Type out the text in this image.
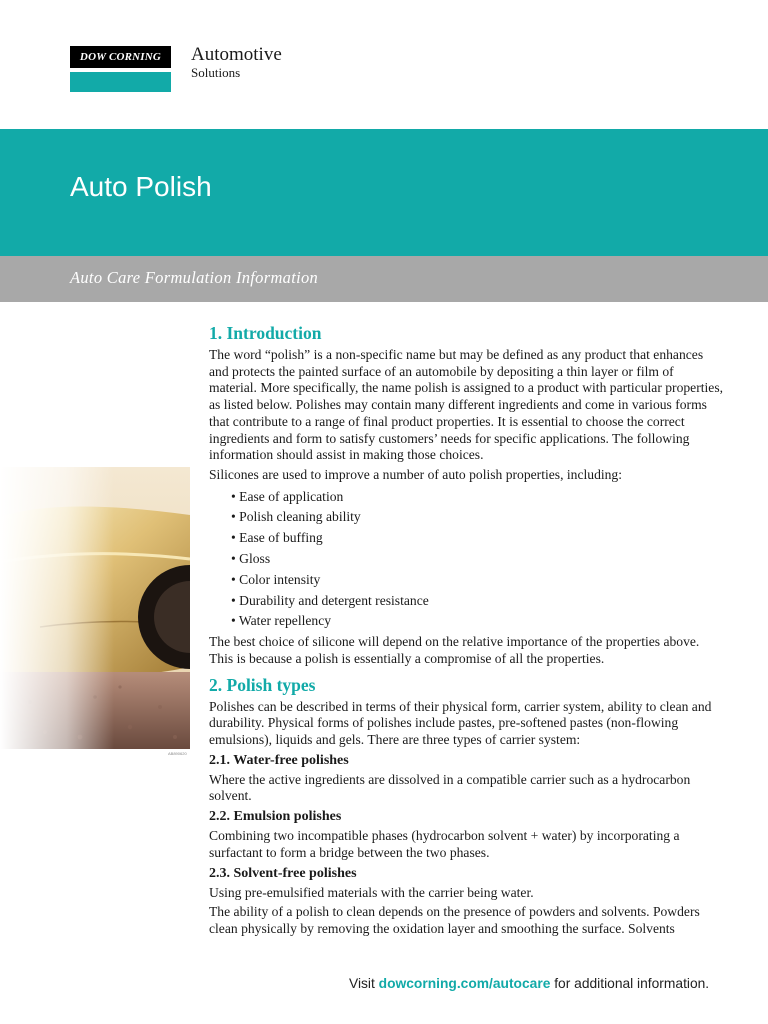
DOW CORNING	Automotive
Solutions
Auto Polish
Auto Care Formulation Information
AB890620
1. Introduction

The word “polish” is a non-specific name but may be defined as any product that enhances and protects the painted surface of an automobile by depositing a thin layer or film of material. More specifically, the name polish is assigned to a product with particular properties, as listed below. Polishes may contain many different ingredients and come in various forms that contribute to a range of final product properties. It is essential to choose the correct ingredients and form to satisfy customers’ needs for specific applications. The following information should assist in making those choices.

Silicones are used to improve a number of auto polish properties, including:

• Ease of application
• Polish cleaning ability
• Ease of buffing
• Gloss
• Color intensity
• Durability and detergent resistance
• Water repellency

The best choice of silicone will depend on the relative importance of the properties above. This is because a polish is essentially a compromise of all the properties.

2. Polish types

Polishes can be described in terms of their physical form, carrier system, ability to clean and durability. Physical forms of polishes include pastes, pre-softened pastes (non-flowing emulsions), liquids and gels. There are three types of carrier system:

2.1. Water-free polishes

Where the active ingredients are dissolved in a compatible carrier such as a hydrocarbon solvent.

2.2. Emulsion polishes

Combining two incompatible phases (hydrocarbon solvent + water) by incorporating a surfactant to form a bridge between the two phases.

2.3. Solvent-free polishes

Using pre-emulsified materials with the carrier being water.

The ability of a polish to clean depends on the presence of powders and solvents. Powders clean physically by removing the oxidation layer and smoothing the surface. Solvents

Visit dowcorning.com/autocare for additional information.
